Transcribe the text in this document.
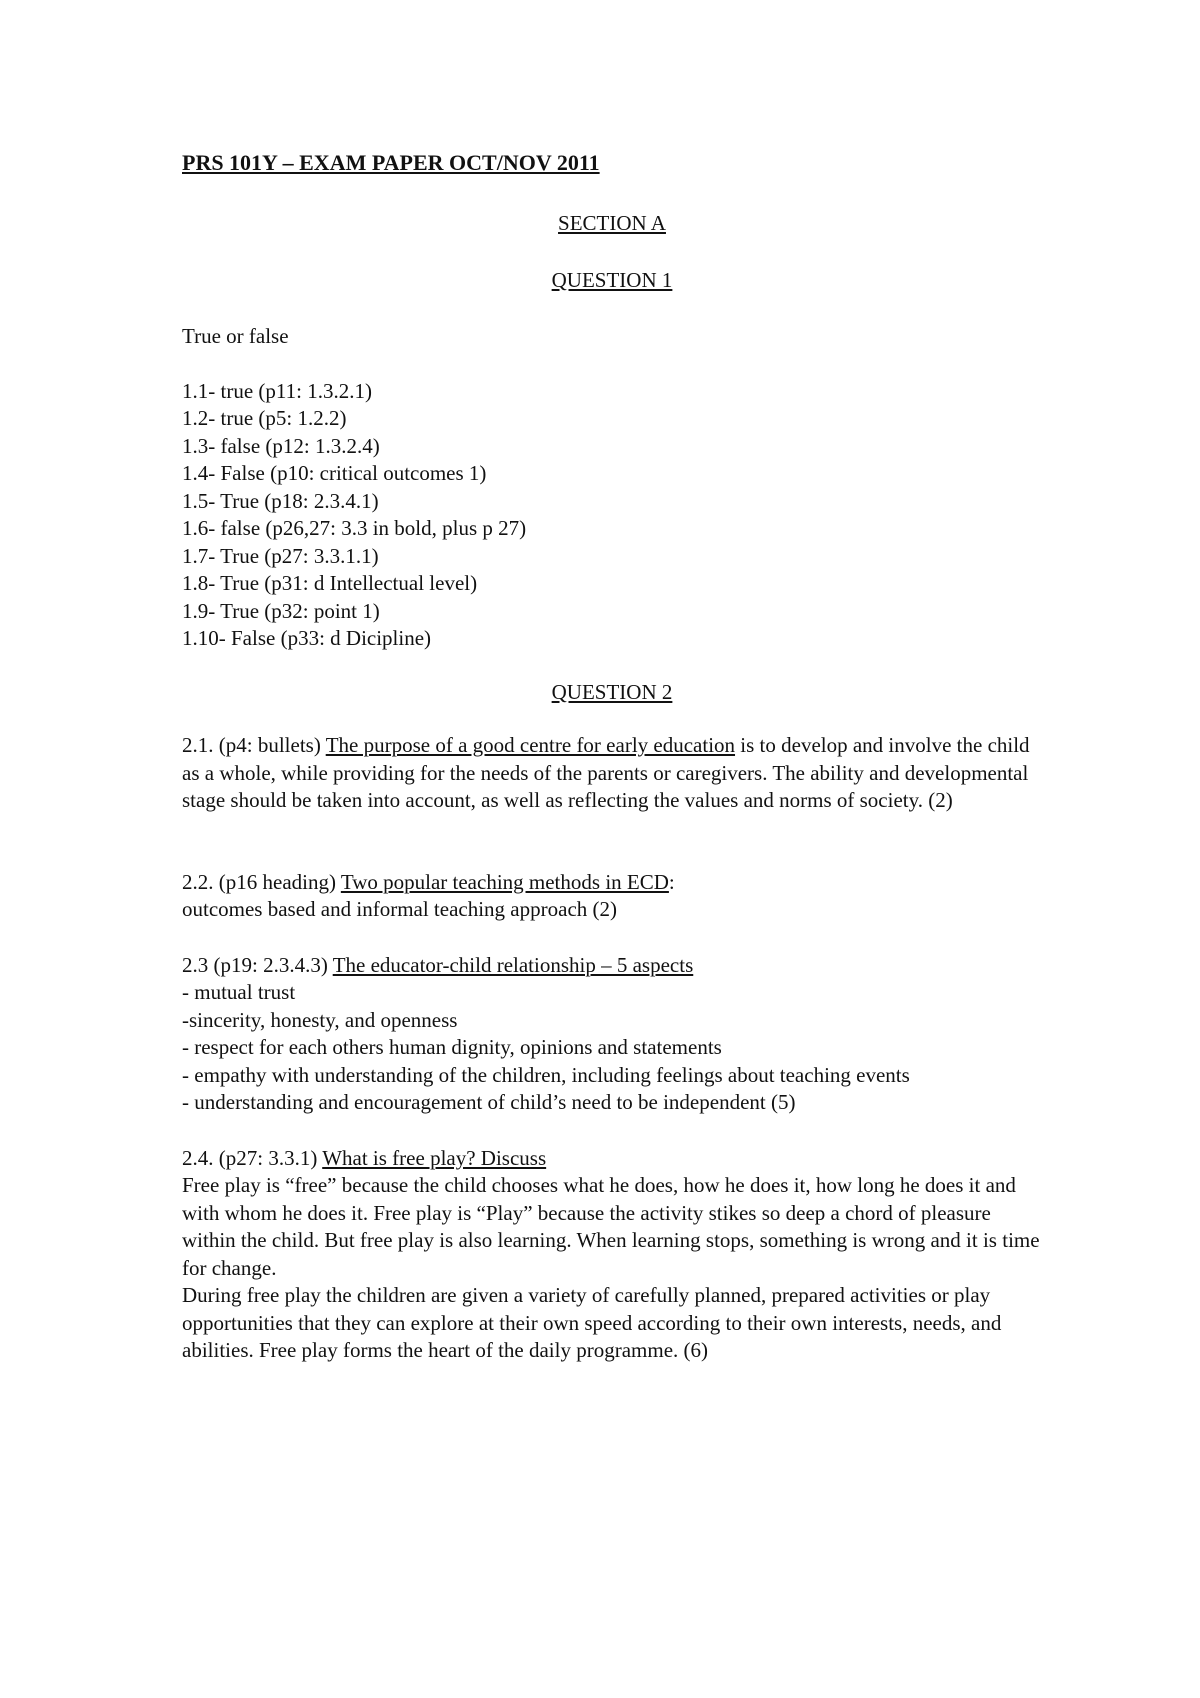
PRS 101Y – EXAM PAPER OCT/NOV 2011

SECTION A

QUESTION 1

True or false

1.1- true (p11: 1.3.2.1)

1.2- true (p5: 1.2.2)

1.3- false (p12: 1.3.2.4)

1.4- False (p10: critical outcomes 1)

1.5- True (p18: 2.3.4.1)

1.6- false (p26,27: 3.3 in bold, plus p 27)

1.7- True (p27: 3.3.1.1)

1.8- True (p31: d Intellectual level)

1.9- True (p32: point 1)

1.10- False (p33: d Dicipline)

QUESTION 2

2.1. (p4: bullets) The purpose of a good centre for early education is to develop and involve the child as a whole, while providing for the needs of the parents or caregivers. The ability and developmental stage should be taken into account, as well as reflecting the values and norms of society. (2)

2.2. (p16 heading) Two popular teaching methods in ECD:

outcomes based and informal teaching approach (2)

2.3 (p19: 2.3.4.3) The educator-child relationship – 5 aspects

- mutual trust

-sincerity, honesty, and openness

- respect for each others human dignity, opinions and statements

- empathy with understanding of the children, including feelings about teaching events

- understanding and encouragement of child’s need to be independent (5)

2.4. (p27: 3.3.1) What is free play? Discuss

Free play is “free” because the child chooses what he does, how he does it, how long he does it and with whom he does it. Free play is “Play” because the activity stikes so deep a chord of pleasure within the child. But free play is also learning. When learning stops, something is wrong and it is time for change.

During free play the children are given a variety of carefully planned, prepared activities or play opportunities that they can explore at their own speed according to their own interests, needs, and abilities. Free play forms the heart of the daily programme. (6)
